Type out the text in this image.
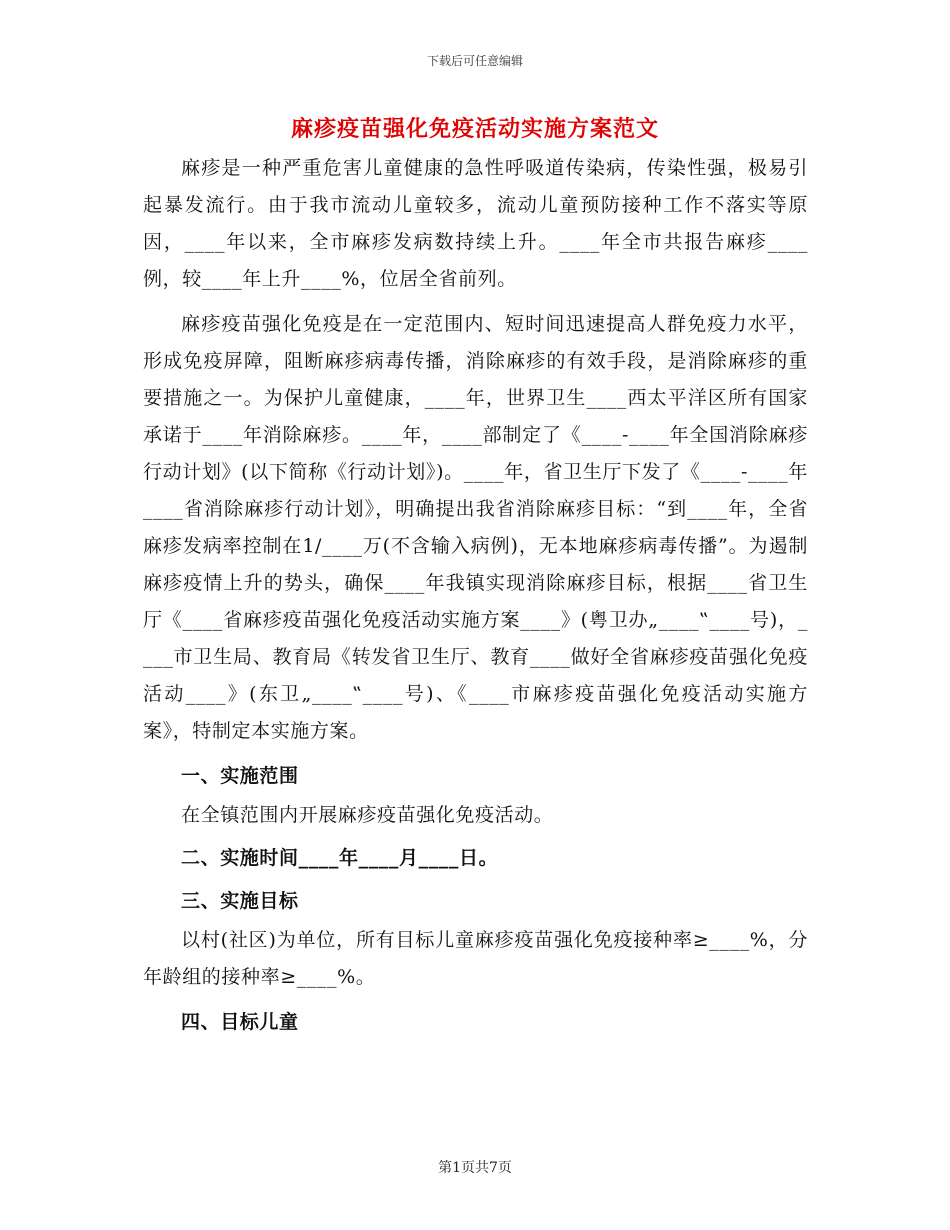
下载后可任意编辑
麻疹疫苗强化免疫活动实施方案范文

麻疹是一种严重危害儿童健康的急性呼吸道传染病，传染性强，极易引起暴发流行。由于我市流动儿童较多，流动儿童预防接种工作不落实等原因，____年以来，全市麻疹发病数持续上升。____年全市共报告麻疹____例，较____年上升____%，位居全省前列。

麻疹疫苗强化免疫是在一定范围内、短时间迅速提高人群免疫力水平，形成免疫屏障，阻断麻疹病毒传播，消除麻疹的有效手段，是消除麻疹的重要措施之一。为保护儿童健康，____年，世界卫生____西太平洋区所有国家承诺于____年消除麻疹。____年，____部制定了《____-____年全国消除麻疹行动计划》(以下简称《行动计划》)。____年，省卫生厅下发了《____-____年____省消除麻疹行动计划》，明确提出我省消除麻疹目标：“到____年，全省麻疹发病率控制在1/____万(不含输入病例)，无本地麻疹病毒传播”。为遏制麻疹疫情上升的势头，确保____年我镇实现消除麻疹目标，根据____省卫生厅《____省麻疹疫苗强化免疫活动实施方案____》(粤卫办„____‟____号)，____市卫生局、教育局《转发省卫生厅、教育____做好全省麻疹疫苗强化免疫活动____》(东卫„____‟____号)、《____市麻疹疫苗强化免疫活动实施方案》，特制定本实施方案。

一、实施范围

在全镇范围内开展麻疹疫苗强化免疫活动。

二、实施时间____年____月____日。

三、实施目标

以村(社区)为单位，所有目标儿童麻疹疫苗强化免疫接种率≥____%，分年龄组的接种率≥____%。

四、目标儿童

第1页共7页
